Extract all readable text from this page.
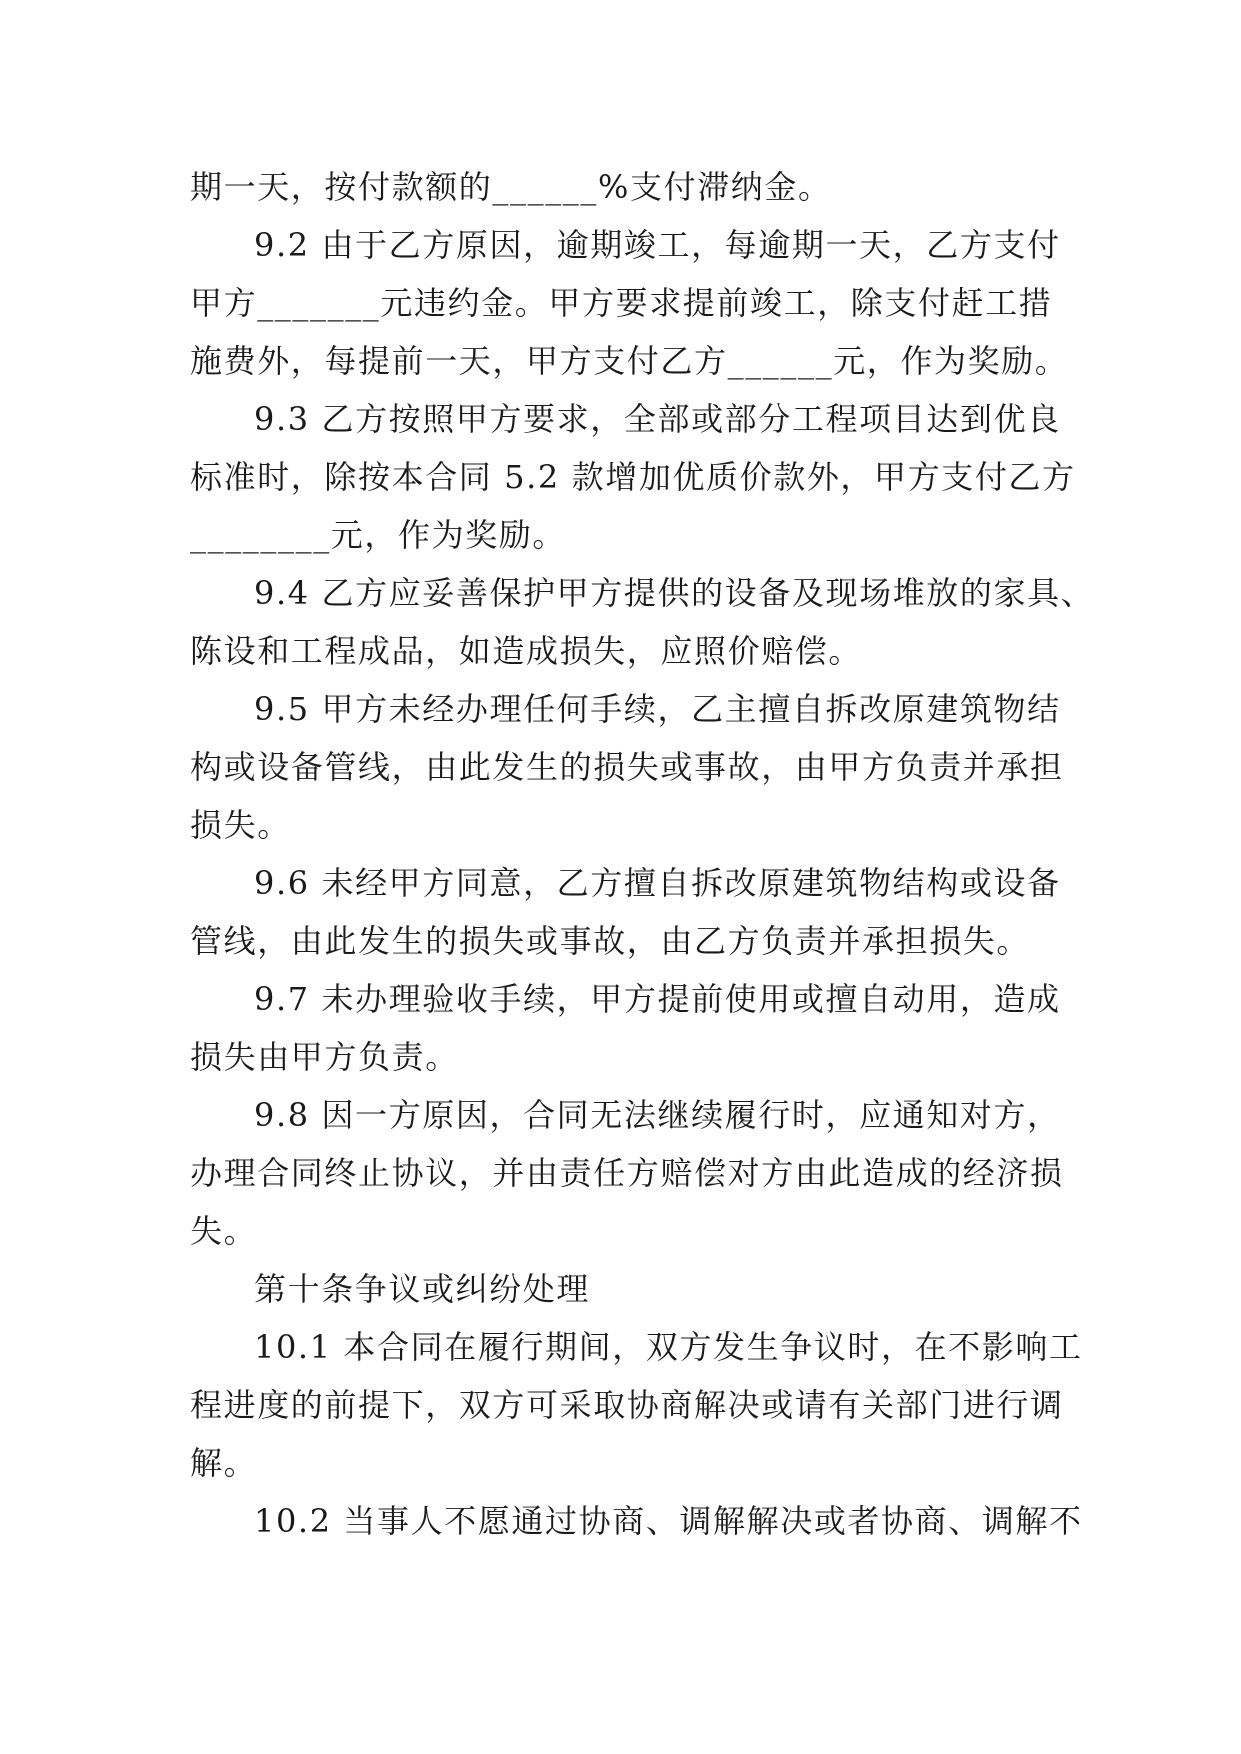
期一天，按付款额的______%支付滞纳金。
9.2 由于乙方原因，逾期竣工，每逾期一天，乙方支付
甲方_______元违约金。甲方要求提前竣工，除支付赶工措
施费外，每提前一天，甲方支付乙方______元，作为奖励。
9.3 乙方按照甲方要求，全部或部分工程项目达到优良
标准时，除按本合同 5.2 款增加优质价款外，甲方支付乙方
________元，作为奖励。
9.4 乙方应妥善保护甲方提供的设备及现场堆放的家具、
陈设和工程成品，如造成损失，应照价赔偿。
9.5 甲方未经办理任何手续，乙主擅自拆改原建筑物结
构或设备管线，由此发生的损失或事故，由甲方负责并承担
损失。
9.6 未经甲方同意，乙方擅自拆改原建筑物结构或设备
管线，由此发生的损失或事故，由乙方负责并承担损失。
9.7 未办理验收手续，甲方提前使用或擅自动用，造成
损失由甲方负责。
9.8 因一方原因，合同无法继续履行时，应通知对方，
办理合同终止协议，并由责任方赔偿对方由此造成的经济损
失。
第十条争议或纠纷处理
10.1 本合同在履行期间，双方发生争议时，在不影响工
程进度的前提下，双方可采取协商解决或请有关部门进行调
解。
10.2 当事人不愿通过协商、调解解决或者协商、调解不
